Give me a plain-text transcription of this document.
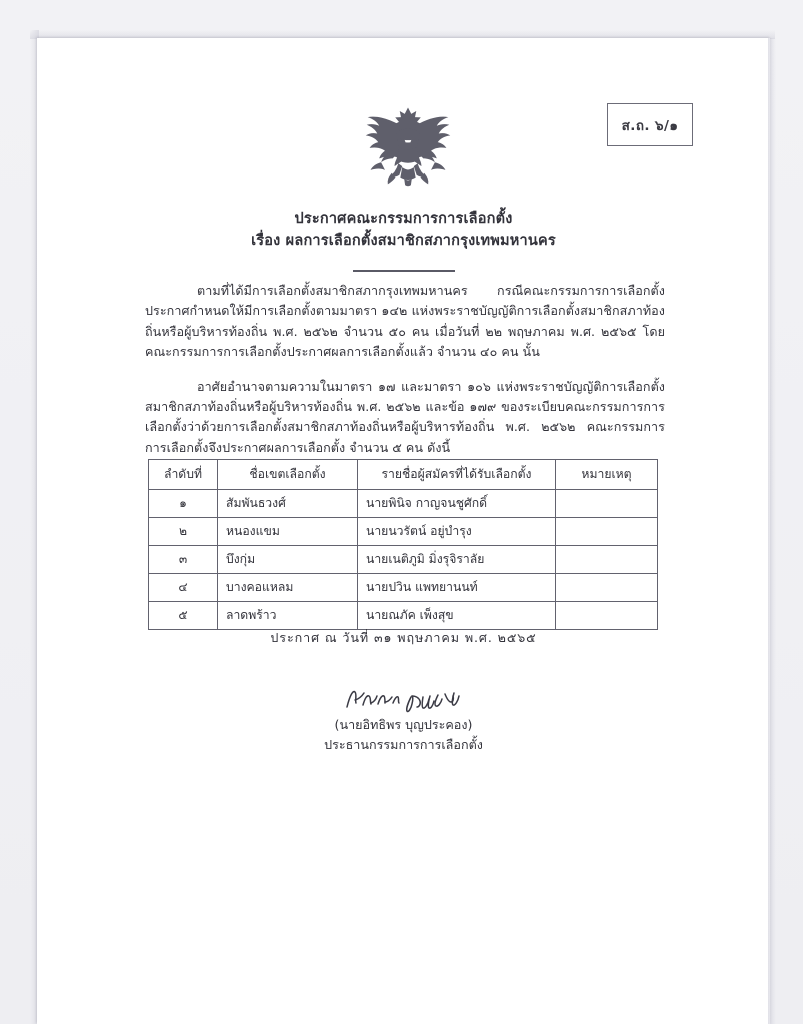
ส.ถ. ๖/๑
ประกาศคณะกรรมการการเลือกตั้ง
เรื่อง ผลการเลือกตั้งสมาชิกสภากรุงเทพมหานคร

ตามที่ได้มีการเลือกตั้งสมาชิกสภากรุงเทพมหานคร กรณีคณะกรรมการการเลือกตั้งประกาศกำหนดให้มีการเลือกตั้งตามมาตรา ๑๔๒ แห่งพระราชบัญญัติการเลือกตั้งสมาชิกสภาท้องถิ่นหรือผู้บริหารท้องถิ่น พ.ศ. ๒๕๖๒ จำนวน ๕๐ คน เมื่อวันที่ ๒๒ พฤษภาคม พ.ศ. ๒๕๖๕ โดยคณะกรรมการการเลือกตั้งประกาศผลการเลือกตั้งแล้ว จำนวน ๔๐ คน นั้น

อาศัยอำนาจตามความในมาตรา ๑๗ และมาตรา ๑๐๖ แห่งพระราชบัญญัติการเลือกตั้งสมาชิกสภาท้องถิ่นหรือผู้บริหารท้องถิ่น พ.ศ. ๒๕๖๒ และข้อ ๑๗๙ ของระเบียบคณะกรรมการการเลือกตั้งว่าด้วยการเลือกตั้งสมาชิกสภาท้องถิ่นหรือผู้บริหารท้องถิ่น พ.ศ. ๒๕๖๒ คณะกรรมการการเลือกตั้งจึงประกาศผลการเลือกตั้ง จำนวน ๕ คน ดังนี้

ลำดับที่	ชื่อเขตเลือกตั้ง	รายชื่อผู้สมัครที่ได้รับเลือกตั้ง	หมายเหตุ
๑	สัมพันธวงศ์	นายพินิจ กาญจนชูศักดิ์	
๒	หนองแขม	นายนวรัตน์ อยู่บำรุง	
๓	บึงกุ่ม	นายเนติภูมิ มิ่งรุจิราลัย	
๔	บางคอแหลม	นายปวิน แพทยานนท์	
๕	ลาดพร้าว	นายณภัค เพ็งสุข	
ประกาศ ณ วันที่ ๓๑ พฤษภาคม พ.ศ. ๒๕๖๕
(นายอิทธิพร บุญประคอง)
ประธานกรรมการการเลือกตั้ง
